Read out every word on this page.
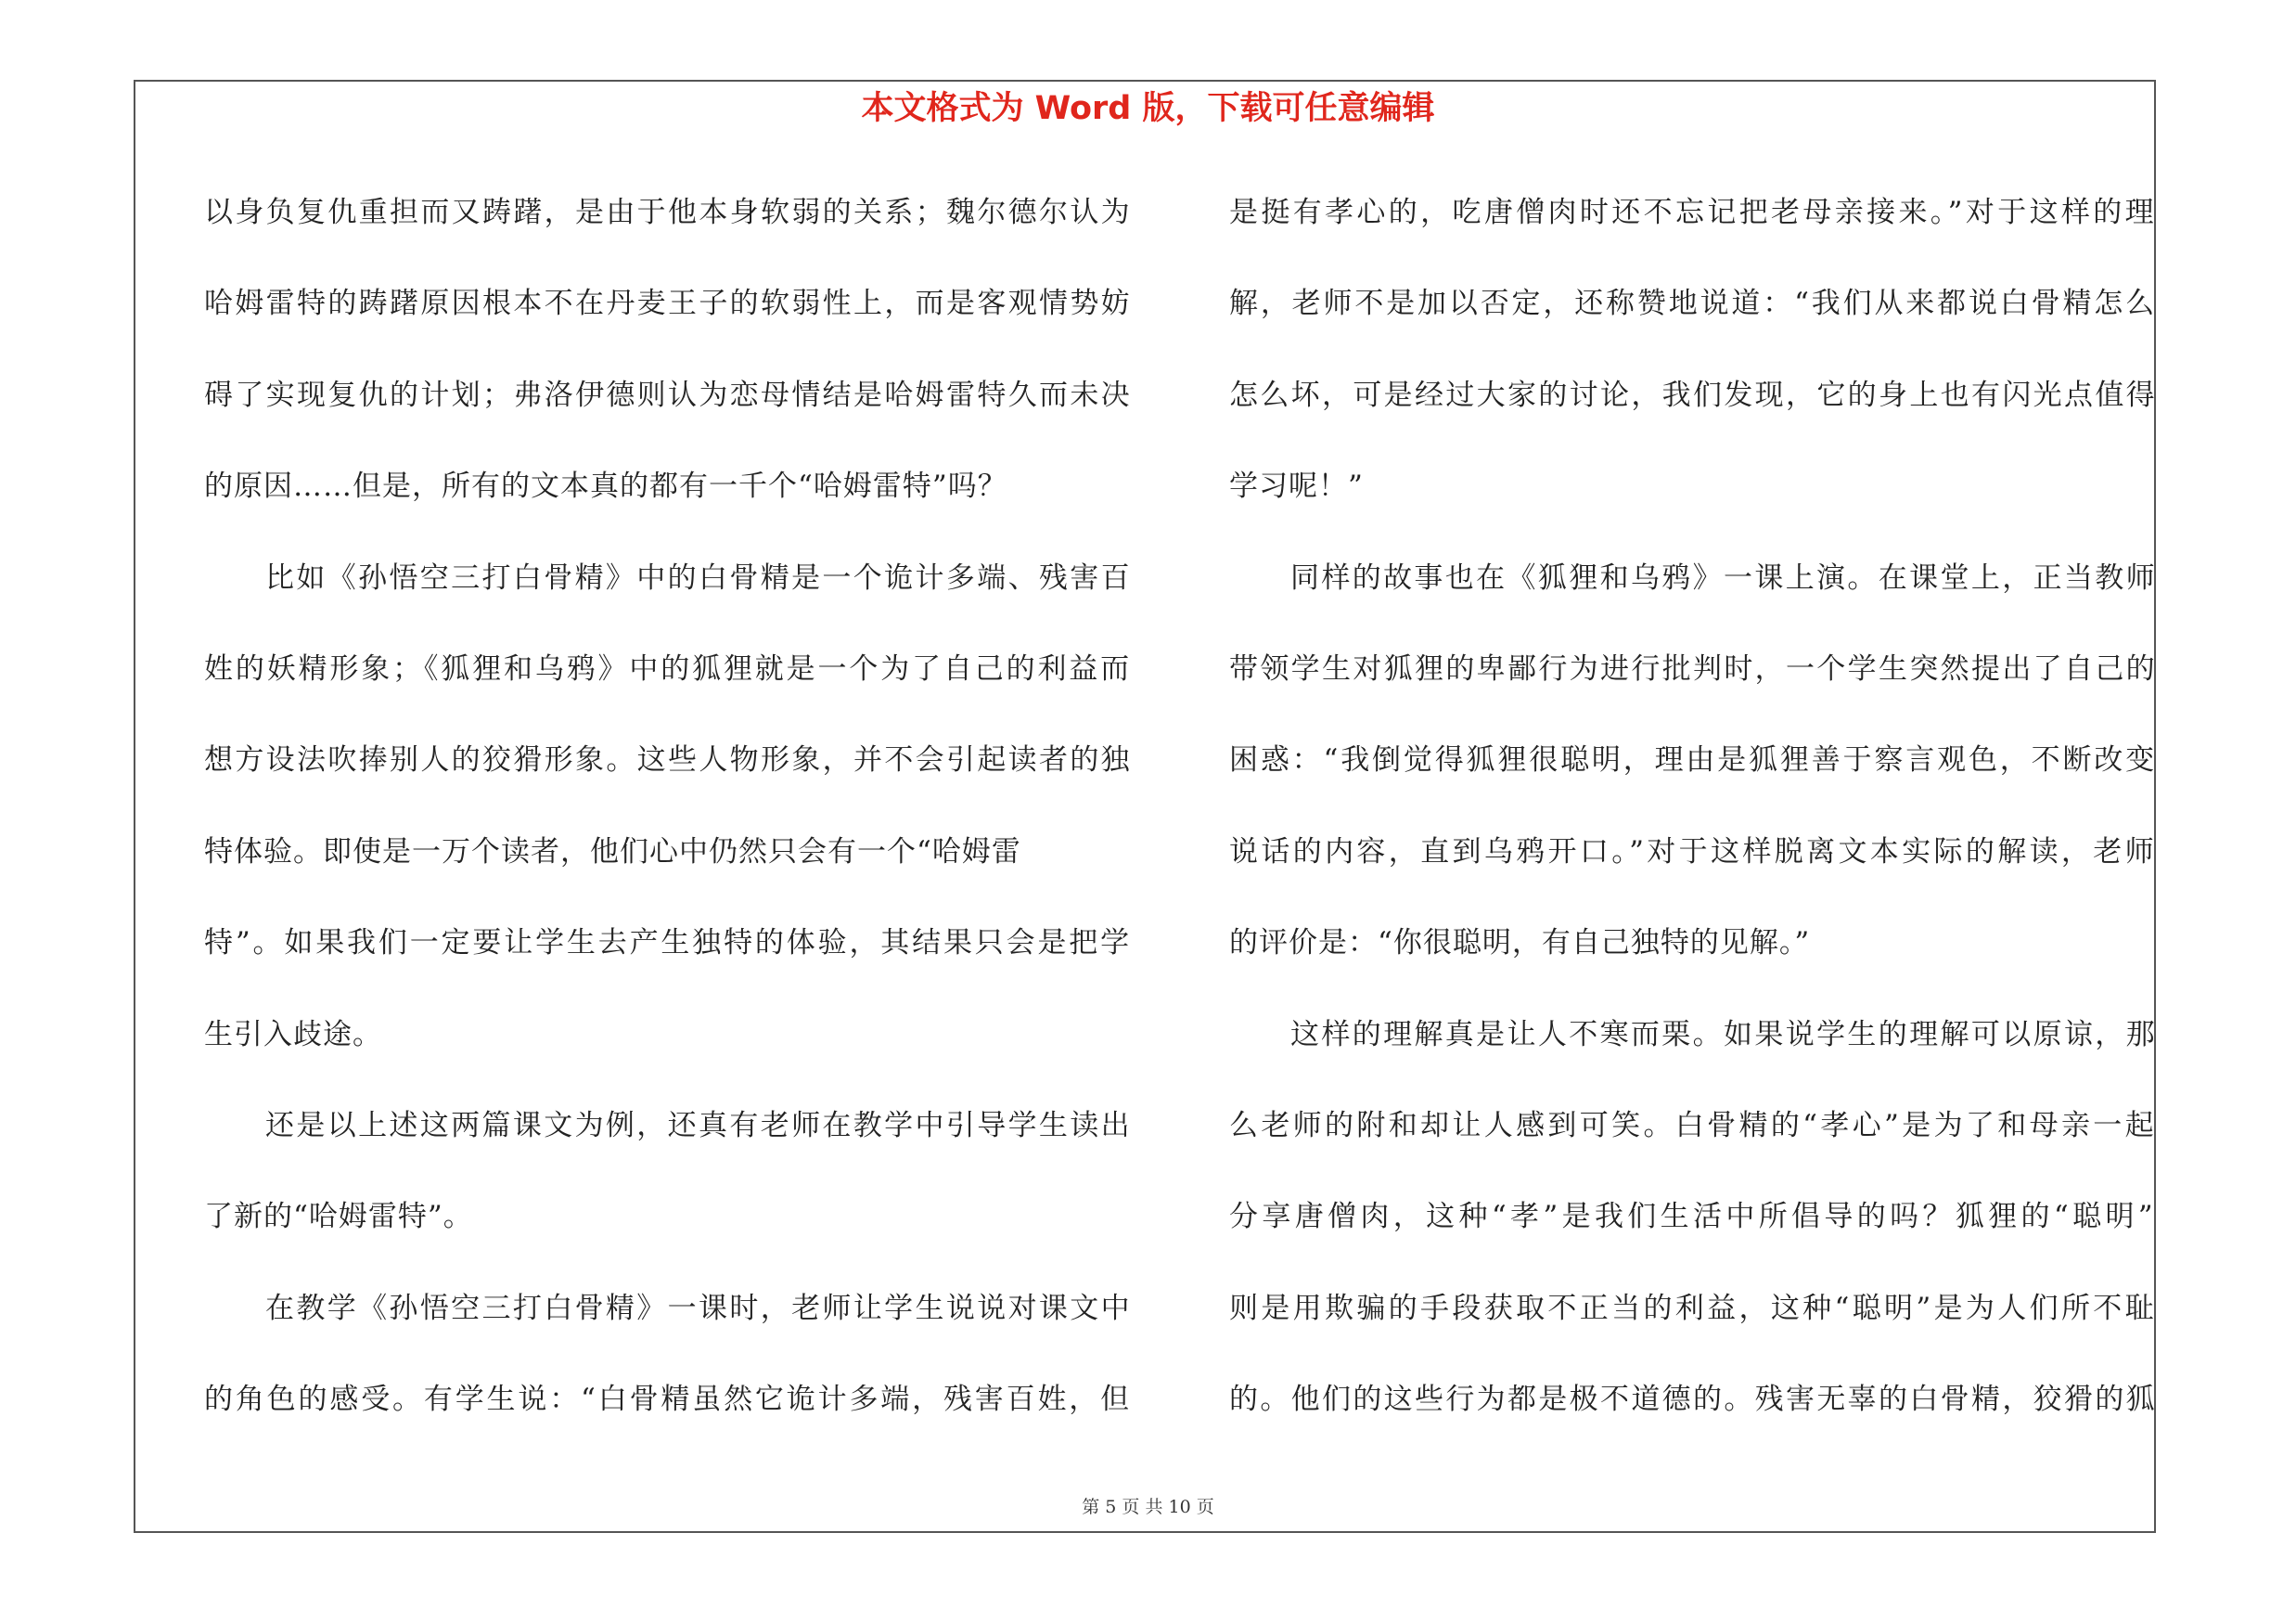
本文格式为 Word 版，下载可任意编辑
以身负复仇重担而又踌躇，是由于他本身软弱的关系；魏尔德尔认为
哈姆雷特的踌躇原因根本不在丹麦王子的软弱性上，而是客观情势妨
碍了实现复仇的计划；弗洛伊德则认为恋母情结是哈姆雷特久而未决
的原因……但是，所有的文本真的都有一千个“哈姆雷特”吗？
比如《孙悟空三打白骨精》中的白骨精是一个诡计多端、残害百
姓的妖精形象；《狐狸和乌鸦》中的狐狸就是一个为了自己的利益而
想方设法吹捧别人的狡猾形象。这些人物形象，并不会引起读者的独
特体验。即使是一万个读者，他们心中仍然只会有一个“哈姆雷
特”。如果我们一定要让学生去产生独特的体验，其结果只会是把学
生引入歧途。
还是以上述这两篇课文为例，还真有老师在教学中引导学生读出
了新的“哈姆雷特”。
在教学《孙悟空三打白骨精》一课时，老师让学生说说对课文中
的角色的感受。有学生说：“白骨精虽然它诡计多端，残害百姓，但
是挺有孝心的，吃唐僧肉时还不忘记把老母亲接来。”对于这样的理
解，老师不是加以否定，还称赞地说道：“我们从来都说白骨精怎么
怎么坏，可是经过大家的讨论，我们发现，它的身上也有闪光点值得
学习呢！”
同样的故事也在《狐狸和乌鸦》一课上演。在课堂上，正当教师
带领学生对狐狸的卑鄙行为进行批判时，一个学生突然提出了自己的
困惑：“我倒觉得狐狸很聪明，理由是狐狸善于察言观色，不断改变
说话的内容，直到乌鸦开口。”对于这样脱离文本实际的解读，老师
的评价是：“你很聪明，有自己独特的见解。”
这样的理解真是让人不寒而栗。如果说学生的理解可以原谅，那
么老师的附和却让人感到可笑。白骨精的“孝心”是为了和母亲一起
分享唐僧肉，这种“孝”是我们生活中所倡导的吗？狐狸的“聪明”
则是用欺骗的手段获取不正当的利益，这种“聪明”是为人们所不耻
的。他们的这些行为都是极不道德的。残害无辜的白骨精，狡猾的狐
第 5 页 共 10 页
